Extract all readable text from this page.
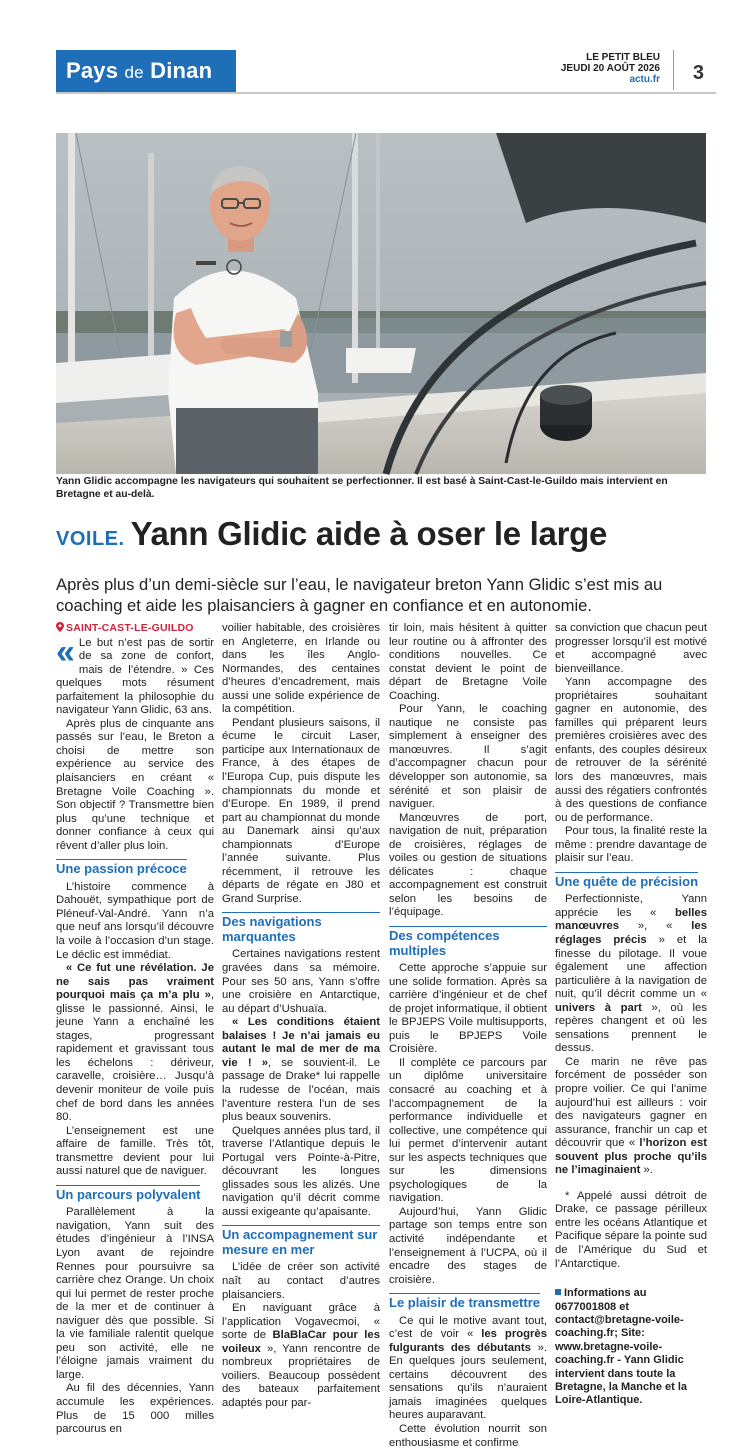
Pays de Dinan
LE PETIT BLEU
JEUDI 20 AOÛT 2026
actu.fr 3
Yann Glidic accompagne les navigateurs qui souhaitent se perfectionner. Il est basé à Saint-Cast-le-Guildo mais intervient en Bretagne et au-delà.
VOILE. Yann Glidic aide à oser le large
Après plus d’un demi-siècle sur l’eau, le navigateur breton Yann Glidic s’est mis au coaching et aide les plaisanciers à gagner en confiance et en autonomie.
SAINT-CAST-LE-GUILDO

« Le but n’est pas de sortir de sa zone de confort, mais de l’étendre. » Ces quelques mots résument parfaitement la philosophie du navigateur Yann Glidic, 63 ans.

Après plus de cinquante ans passés sur l’eau, le Breton a choisi de mettre son expérience au service des plaisanciers en créant « Bretagne Voile Coaching ». Son objectif ? Transmettre bien plus qu’une technique et donner confiance à ceux qui rêvent d’aller plus loin.

Une passion précoce

L’histoire commence à Dahouët, sympathique port de Pléneuf-Val-André. Yann n’a que neuf ans lorsqu’il découvre la voile à l’occasion d’un stage. Le déclic est immédiat.

« Ce fut une révélation. Je ne sais pas vraiment pourquoi mais ça m’a plu », glisse le passionné. Ainsi, le jeune Yann a enchaîné les stages, progressant rapidement et gravissant tous les échelons : dériveur, caravelle, croisière… Jusqu’à devenir moniteur de voile puis chef de bord dans les années 80.

L’enseignement est une affaire de famille. Très tôt, transmettre devient pour lui aussi naturel que de naviguer.

Un parcours polyvalent

Parallèlement à la navigation, Yann suit des études d’ingénieur à l’INSA Lyon avant de rejoindre Rennes pour poursuivre sa carrière chez Orange. Un choix qui lui permet de rester proche de la mer et de continuer à naviguer dès que possible. Si la vie familiale ralentit quelque peu son activité, elle ne l’éloigne jamais vraiment du large.

Au fil des décennies, Yann accumule les expériences. Plus de 15 000 milles parcourus en

voilier habitable, des croisières en Angleterre, en Irlande ou dans les îles Anglo-Normandes, des centaines d’heures d’encadrement, mais aussi une solide expérience de la compétition.

Pendant plusieurs saisons, il écume le circuit Laser, participe aux Internationaux de France, à des étapes de l’Europa Cup, puis dispute les championnats du monde et d’Europe. En 1989, il prend part au championnat du monde au Danemark ainsi qu’aux championnats d’Europe l’année suivante. Plus récemment, il retrouve les départs de régate en J80 et Grand Surprise.

Des navigations marquantes

Certaines navigations restent gravées dans sa mémoire. Pour ses 50 ans, Yann s’offre une croisière en Antarctique, au départ d’Ushuaïa.

« Les conditions étaient balaises ! Je n’ai jamais eu autant le mal de mer de ma vie ! », se souvient-il. Le passage de Drake* lui rappelle la rudesse de l’océan, mais l’aventure restera l’un de ses plus beaux souvenirs.

Quelques années plus tard, il traverse l’Atlantique depuis le Portugal vers Pointe-à-Pitre, découvrant les longues glissades sous les alizés. Une navigation qu’il décrit comme aussi exigeante qu’apaisante.

Un accompagnement sur mesure en mer

L’idée de créer son activité naît au contact d’autres plaisanciers.

En naviguant grâce à l’application Vogavecmoi, « sorte de BlaBlaCar pour les voileux », Yann rencontre de nombreux propriétaires de voiliers. Beaucoup possèdent des bateaux parfaitement adaptés pour par-

tir loin, mais hésitent à quitter leur routine ou à affronter des conditions nouvelles. Ce constat devient le point de départ de Bretagne Voile Coaching.

Pour Yann, le coaching nautique ne consiste pas simplement à enseigner des manœuvres. Il s’agit d’accompagner chacun pour développer son autonomie, sa sérénité et son plaisir de naviguer.

Manœuvres de port, navigation de nuit, préparation de croisières, réglages de voiles ou gestion de situations délicates : chaque accompagnement est construit selon les besoins de l’équipage.

Des compétences multiples

Cette approche s’appuie sur une solide formation. Après sa carrière d’ingénieur et de chef de projet informatique, il obtient le BPJEPS Voile multisupports, puis le BPJEPS Voile Croisière.

Il complète ce parcours par un diplôme universitaire consacré au coaching et à l’accompagnement de la performance individuelle et collective, une compétence qui lui permet d’intervenir autant sur les aspects techniques que sur les dimensions psychologiques de la navigation.

Aujourd’hui, Yann Glidic partage son temps entre son activité indépendante et l’enseignement à l’UCPA, où il encadre des stages de croisière.

Le plaisir de transmettre

Ce qui le motive avant tout, c’est de voir « les progrès fulgurants des débutants ». En quelques jours seulement, certains découvrent des sensations qu’ils n’auraient jamais imaginées quelques heures auparavant.

Cette évolution nourrit son enthousiasme et confirme

sa conviction que chacun peut progresser lorsqu’il est motivé et accompagné avec bienveillance.

Yann accompagne des propriétaires souhaitant gagner en autonomie, des familles qui préparent leurs premières croisières avec des enfants, des couples désireux de retrouver de la sérénité lors des manœuvres, mais aussi des régatiers confrontés à des questions de confiance ou de performance.

Pour tous, la finalité reste la même : prendre davantage de plaisir sur l’eau.

Une quête de précision

Perfectionniste, Yann apprécie les « belles manœuvres », « les réglages précis » et la finesse du pilotage. Il voue également une affection particulière à la navigation de nuit, qu’il décrit comme un « univers à part », où les repères changent et où les sensations prennent le dessus.

Ce marin ne rêve pas forcément de posséder son propre voilier. Ce qui l’anime aujourd’hui est ailleurs : voir des navigateurs gagner en assurance, franchir un cap et découvrir que « l’horizon est souvent plus proche qu’ils ne l’imaginaient ».

* Appelé aussi détroit de Drake, ce passage périlleux entre les océans Atlantique et Pacifique sépare la pointe sud de l’Amérique du Sud et l’Antarctique.

Informations au 0677001808 et contact@bretagne-voile-coaching.fr; Site: www.bretagne-voile-coaching.fr - Yann Glidic intervient dans toute la Bretagne, la Manche et la Loire-Atlantique.
